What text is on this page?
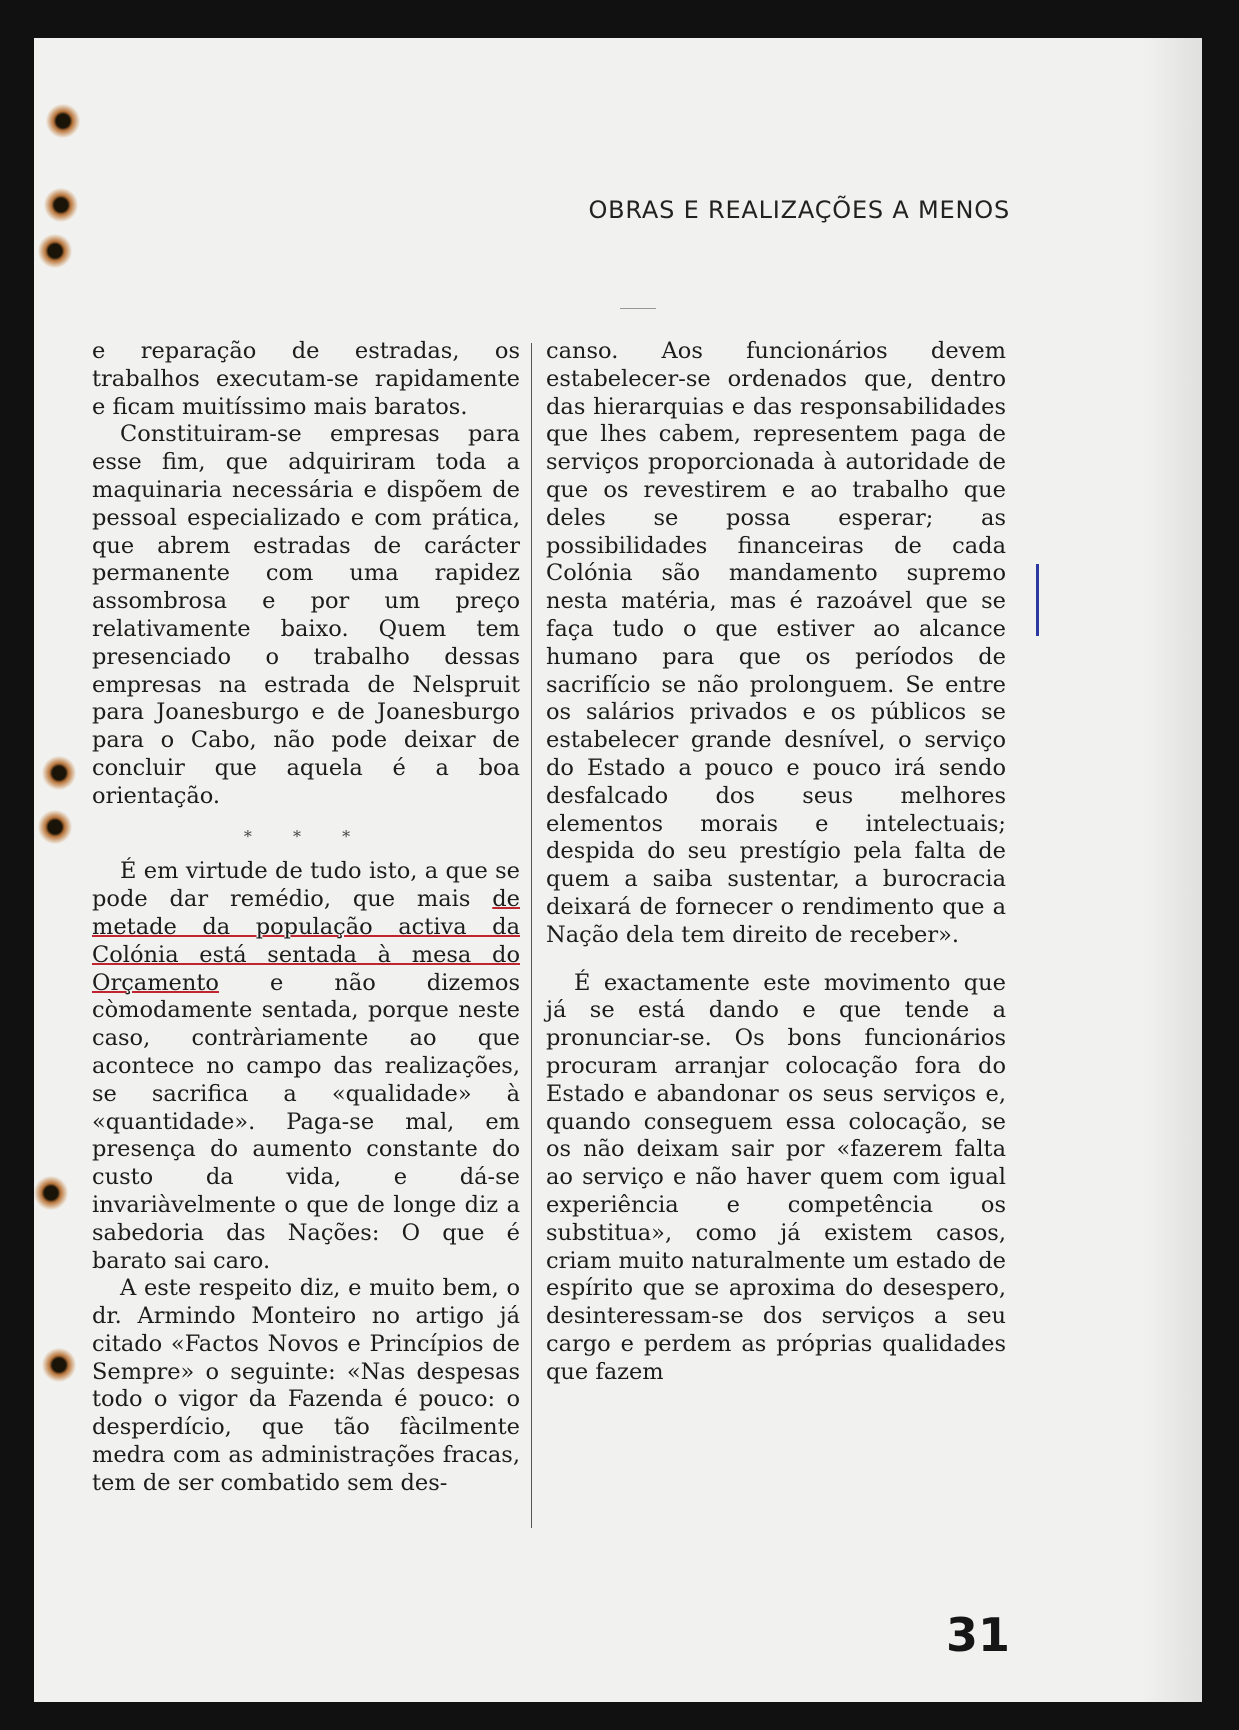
OBRAS E REALIZAÇÕES A MENOS

e reparação de estradas, os trabalhos executam-se rapidamente e ficam muitíssimo mais baratos.

Constituiram-se empresas para esse fim, que adquiriram toda a maquinaria necessária e dispõem de pessoal especializado e com prática, que abrem estradas de carácter permanente com uma rapidez assombrosa e por um preço relativamente baixo. Quem tem presenciado o trabalho dessas empresas na estrada de Nelspruit para Joanesburgo e de Joanesburgo para o Cabo, não pode deixar de concluir que aquela é a boa orientação.

* * *

É em virtude de tudo isto, a que se pode dar remédio, que mais de metade da população activa da Colónia está sentada à mesa do Orçamento e não dizemos còmodamente sentada, porque neste caso, contràriamente ao que acontece no campo das realizações, se sacrifica a «qualidade» à «quantidade». Paga-se mal, em presença do aumento constante do custo da vida, e dá-se invariàvelmente o que de longe diz a sabedoria das Nações: O que é barato sai caro.

A este respeito diz, e muito bem, o dr. Armindo Monteiro no artigo já citado «Factos Novos e Princípios de Sempre» o seguinte: «Nas despesas todo o vigor da Fazenda é pouco: o desperdício, que tão fàcilmente medra com as administrações fracas, tem de ser combatido sem des-

canso. Aos funcionários devem estabelecer-se ordenados que, dentro das hierarquias e das responsabilidades que lhes cabem, representem paga de serviços proporcionada à autoridade de que os revestirem e ao trabalho que deles se possa esperar; as possibilidades financeiras de cada Colónia são mandamento supremo nesta matéria, mas é razoável que se faça tudo o que estiver ao alcance humano para que os períodos de sacrifício se não prolonguem. Se entre os salários privados e os públicos se estabelecer grande desnível, o serviço do Estado a pouco e pouco irá sendo desfalcado dos seus melhores elementos morais e intelectuais; despida do seu prestígio pela falta de quem a saiba sustentar, a burocracia deixará de fornecer o rendimento que a Nação dela tem direito de receber».

É exactamente este movimento que já se está dando e que tende a pronunciar-se. Os bons funcionários procuram arranjar colocação fora do Estado e abandonar os seus serviços e, quando conseguem essa colocação, se os não deixam sair por «fazerem falta ao serviço e não haver quem com igual experiência e competência os substitua», como já existem casos, criam muito naturalmente um estado de espírito que se aproxima do desespero, desinteressam-se dos serviços a seu cargo e perdem as próprias qualidades que fazem

31
